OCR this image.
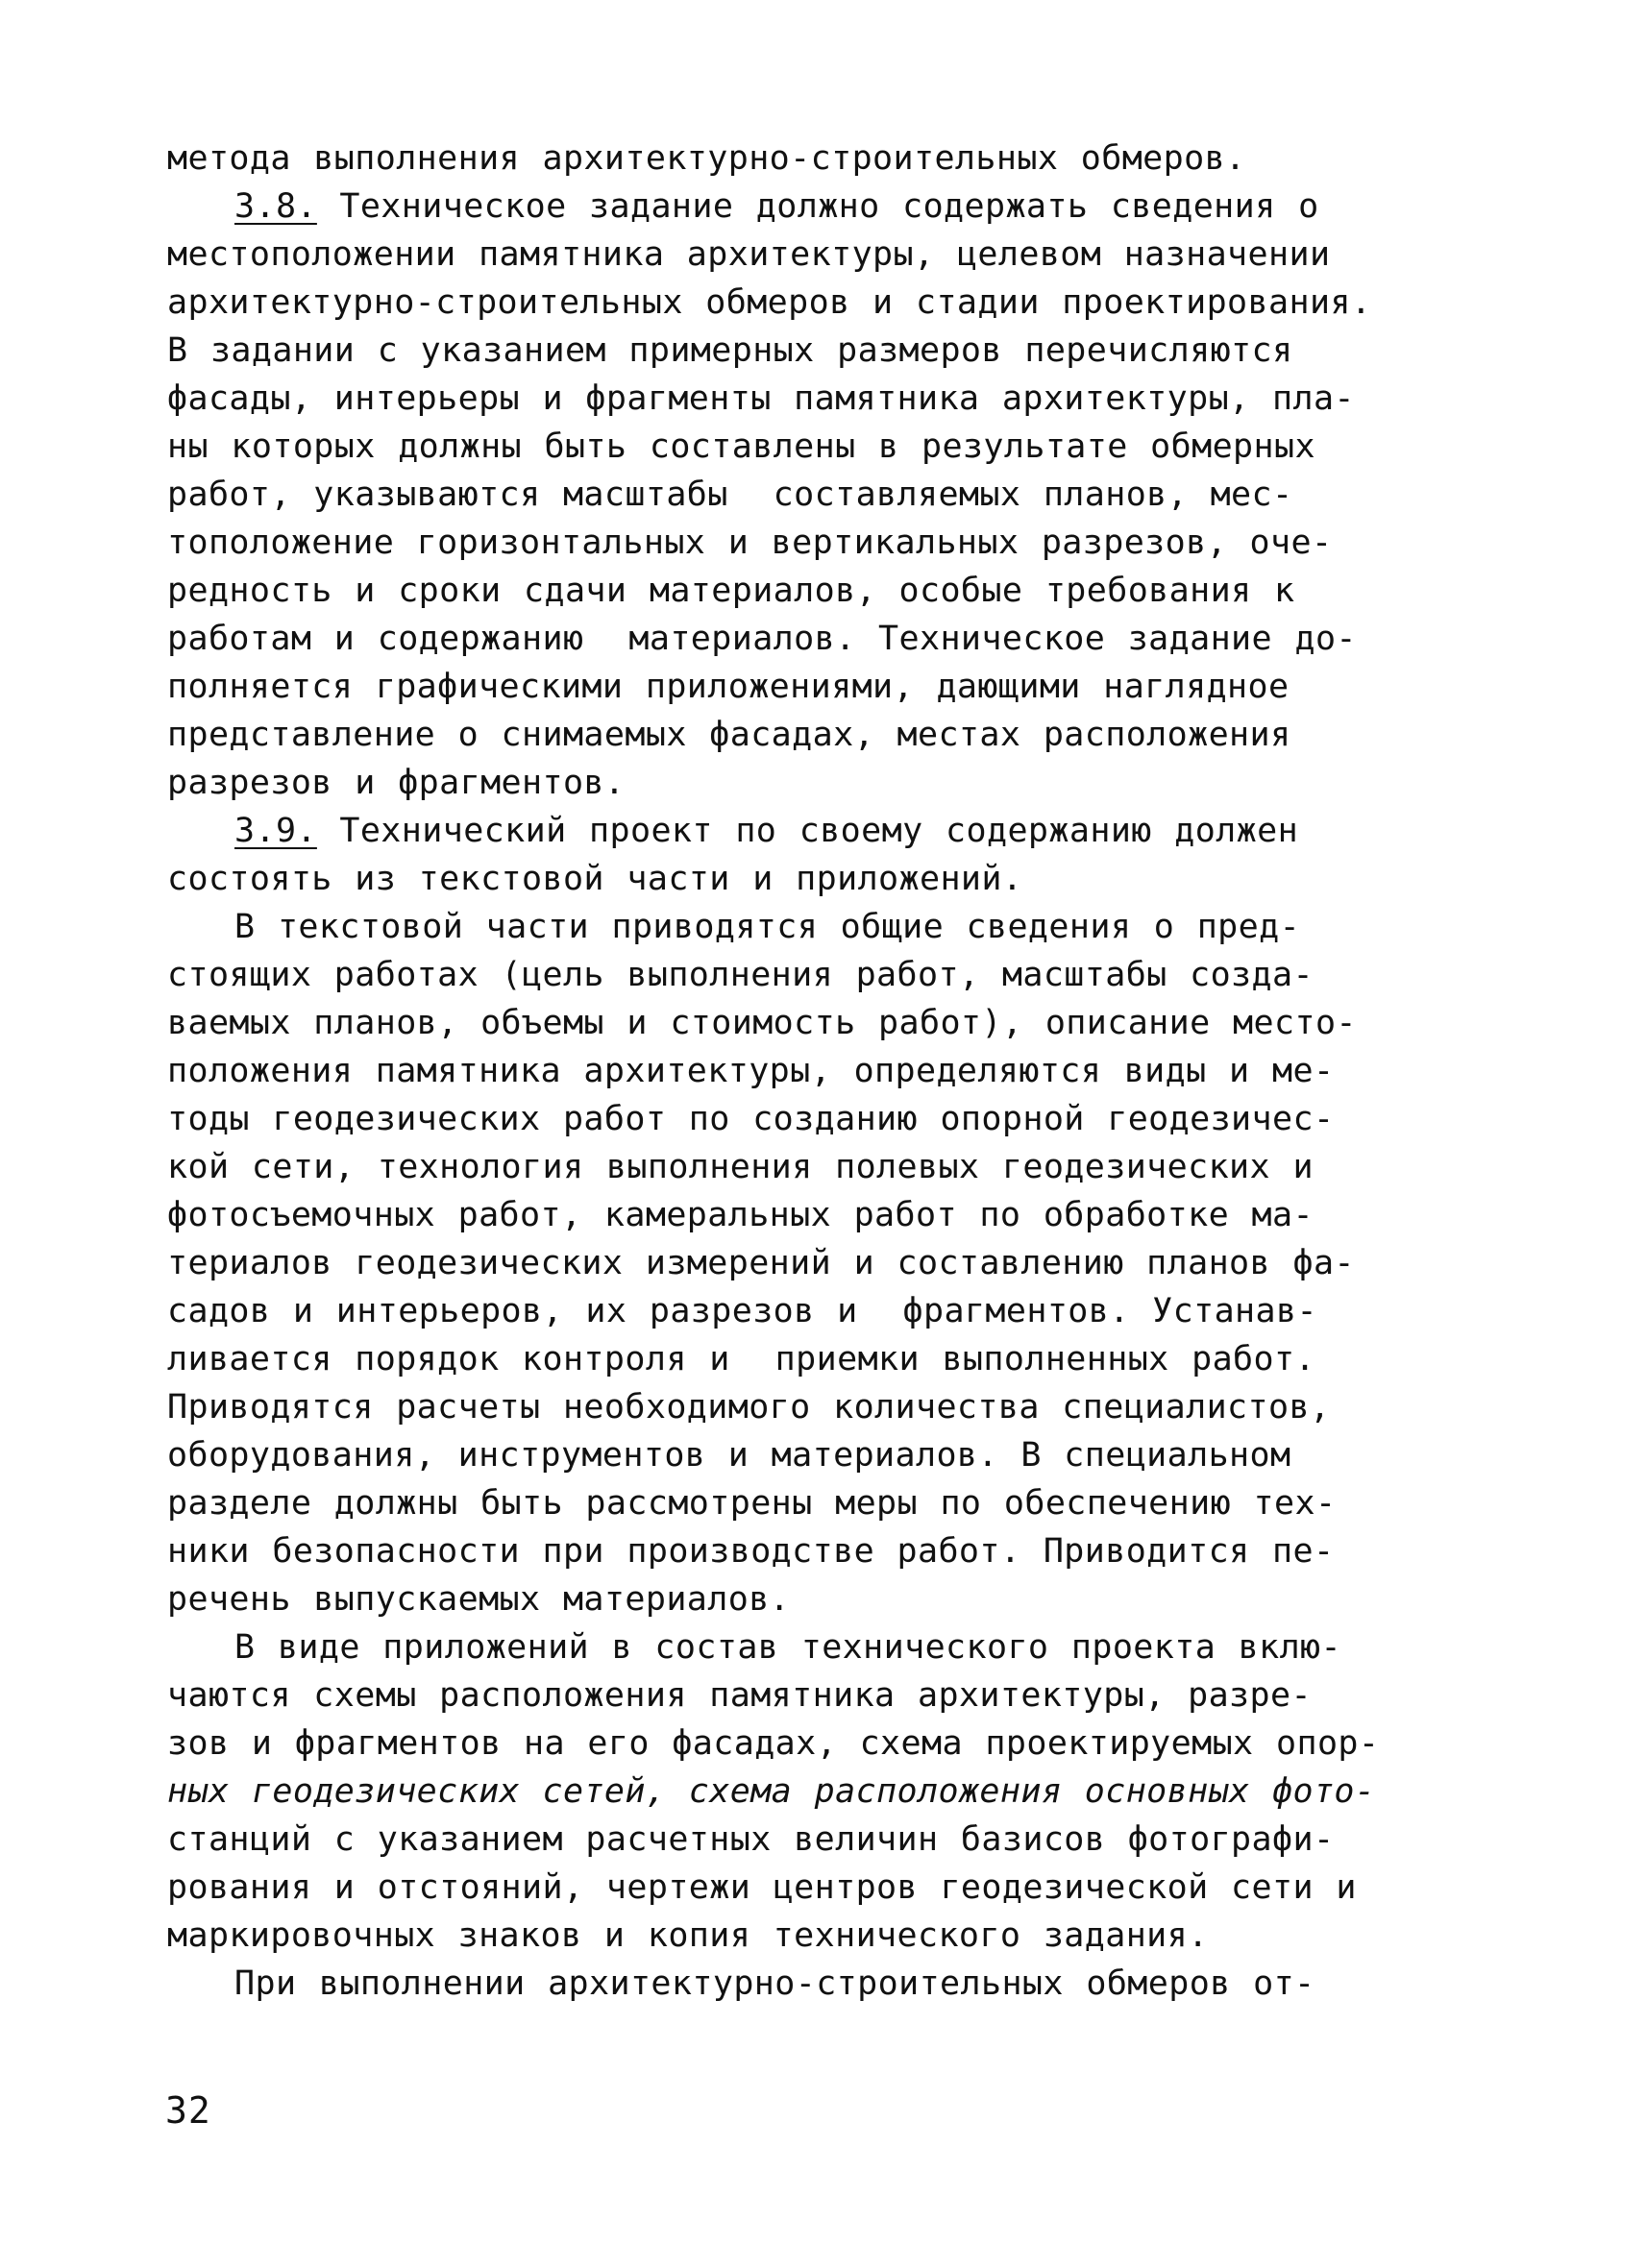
метода выполнения архитектурно-строительных обмеров.
3.8. Техническое задание должно содержать сведения о
местоположении памятника архитектуры, целевом назначении
архитектурно-строительных обмеров и стадии проектирования.
В задании с указанием примерных размеров перечисляются
фасады, интерьеры и фрагменты памятника архитектуры, пла-
ны которых должны быть составлены в результате обмерных
работ, указываются масштабы  составляемых планов, мес-
тоположение горизонтальных и вертикальных разрезов, оче-
редность и сроки сдачи материалов, особые требования к
работам и содержанию  материалов. Техническое задание до-
полняется графическими приложениями, дающими наглядное
представление о снимаемых фасадах, местах расположения
разрезов и фрагментов.
3.9. Технический проект по своему содержанию должен
состоять из текстовой части и приложений.
В текстовой части приводятся общие сведения о пред-
стоящих работах (цель выполнения работ, масштабы созда-
ваемых планов, объемы и стоимость работ), описание место-
положения памятника архитектуры, определяются виды и ме-
тоды геодезических работ по созданию опорной геодезичес-
кой сети, технология выполнения полевых геодезических и
фотосъемочных работ, камеральных работ по обработке ма-
териалов геодезических измерений и составлению планов фа-
садов и интерьеров, их разрезов и  фрагментов. Устанав-
ливается порядок контроля и  приемки выполненных работ.
Приводятся расчеты необходимого количества специалистов,
оборудования, инструментов и материалов. В специальном
разделе должны быть рассмотрены меры по обеспечению тех-
ники безопасности при производстве работ. Приводится пе-
речень выпускаемых материалов.
В виде приложений в состав технического проекта вклю-
чаются схемы расположения памятника архитектуры, разре-
зов и фрагментов на его фасадах, схема проектируемых опор-
ных геодезических сетей, схема расположения основных фото-
станций с указанием расчетных величин базисов фотографи-
рования и отстояний, чертежи центров геодезической сети и
маркировочных знаков и копия технического задания.
При выполнении архитектурно-строительных обмеров от-
32
